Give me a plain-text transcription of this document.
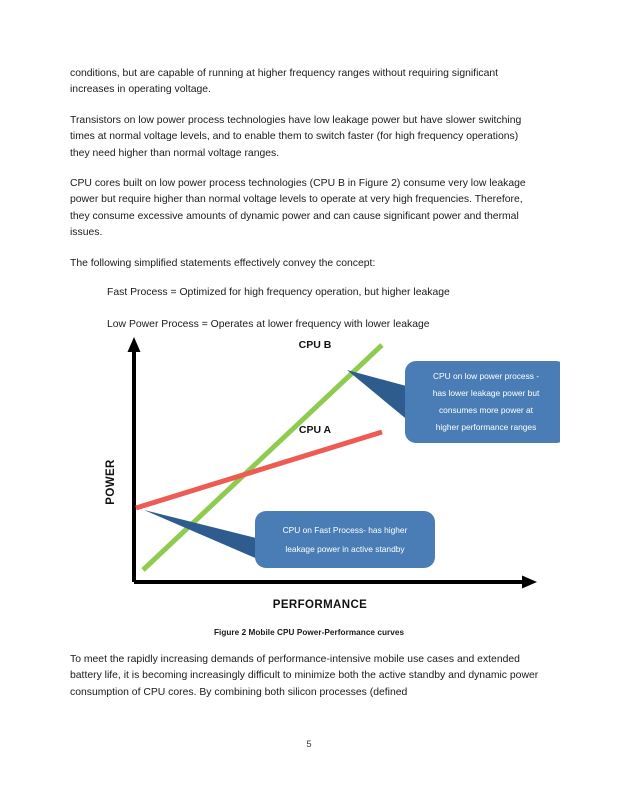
conditions, but are capable of running at higher frequency ranges without requiring significant increases in operating voltage.

Transistors on low power process technologies have low leakage power but have slower switching times at normal voltage levels, and to enable them to switch faster (for high frequency operations) they need higher than normal voltage ranges.

CPU cores built on low power process technologies (CPU B in Figure 2) consume very low leakage power but require higher than normal voltage levels to operate at very high frequencies. Therefore, they consume excessive amounts of dynamic power and can cause significant power and thermal issues.

The following simplified statements effectively convey the concept:

Fast Process = Optimized for high frequency operation, but higher leakage
Low Power Process = Operates at lower frequency with lower leakage
CPU B
CPU A
POWER
PERFORMANCE
CPU on low power process -
has lower leakage power but
consumes more power at
higher performance ranges
CPU on Fast Process- has higher
leakage power in active standby
Figure 2 Mobile CPU Power-Performance curves

To meet the rapidly increasing demands of performance-intensive mobile use cases and extended battery life, it is becoming increasingly difficult to minimize both the active standby and dynamic power consumption of CPU cores. By combining both silicon processes (defined

5
